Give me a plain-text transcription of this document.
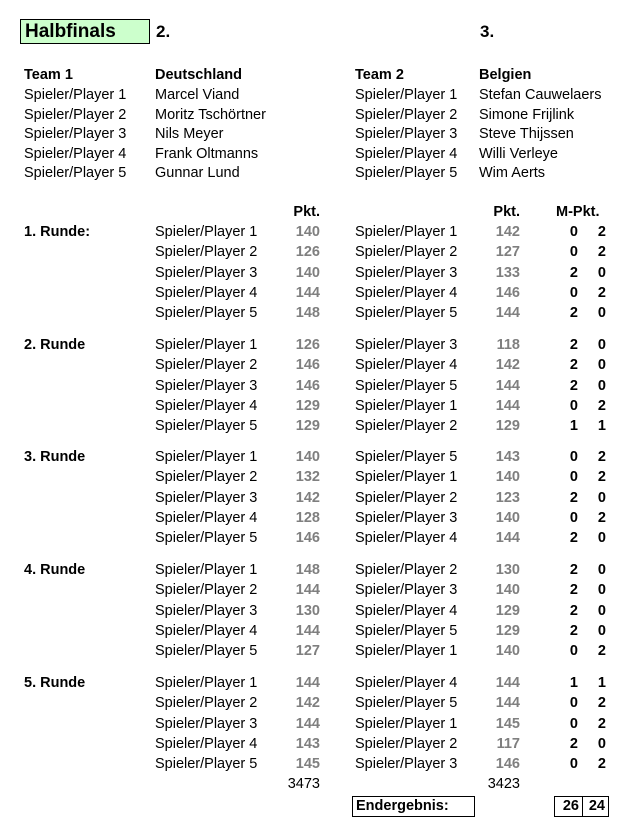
Halbfinals	2.	3.
Team 1	Deutschland	Team 2	Belgien
Spieler/Player 1 Marcel Viand	Spieler/Player 1 Stefan Cauwelaers
Spieler/Player 2 Moritz Tschörtner	Spieler/Player 2 Simone Frijlink
Spieler/Player 3 Nils Meyer	Spieler/Player 3 Steve Thijssen
Spieler/Player 4 Frank Oltmanns	Spieler/Player 4 Willi Verleye
Spieler/Player 5 Gunnar Lund	Spieler/Player 5 Wim Aerts
Pkt.	Pkt. M-Pkt.
1. Runde:	Spieler/Player 1	140 Spieler/Player 1	142	0	2
Spieler/Player 2	126 Spieler/Player 2	127	0	2
Spieler/Player 3	140 Spieler/Player 3	133	2	0
Spieler/Player 4	144 Spieler/Player 4	146	0	2
Spieler/Player 5	148 Spieler/Player 5	144	2	0
2. Runde	Spieler/Player 1	126 Spieler/Player 3	118	2	0
Spieler/Player 2	146 Spieler/Player 4	142	2	0
Spieler/Player 3	146 Spieler/Player 5	144	2	0
Spieler/Player 4	129 Spieler/Player 1	144	0	2
Spieler/Player 5	129 Spieler/Player 2	129	1	1
3. Runde	Spieler/Player 1	140 Spieler/Player 5	143	0	2
Spieler/Player 2	132 Spieler/Player 1	140	0	2
Spieler/Player 3	142 Spieler/Player 2	123	2	0
Spieler/Player 4	128 Spieler/Player 3	140	0	2
Spieler/Player 5	146 Spieler/Player 4	144	2	0
4. Runde	Spieler/Player 1	148 Spieler/Player 2	130	2	0
Spieler/Player 2	144 Spieler/Player 3	140	2	0
Spieler/Player 3	130 Spieler/Player 4	129	2	0
Spieler/Player 4	144 Spieler/Player 5	129	2	0
Spieler/Player 5	127 Spieler/Player 1	140	0	2
5. Runde	Spieler/Player 1	144 Spieler/Player 4	144	1	1
Spieler/Player 2	142 Spieler/Player 5	144	0	2
Spieler/Player 3	144 Spieler/Player 1	145	0	2
Spieler/Player 4	143 Spieler/Player 2	117	2	0
Spieler/Player 5	145 Spieler/Player 3	146	0	2
3473	3423
Endergebnis:	26 24
